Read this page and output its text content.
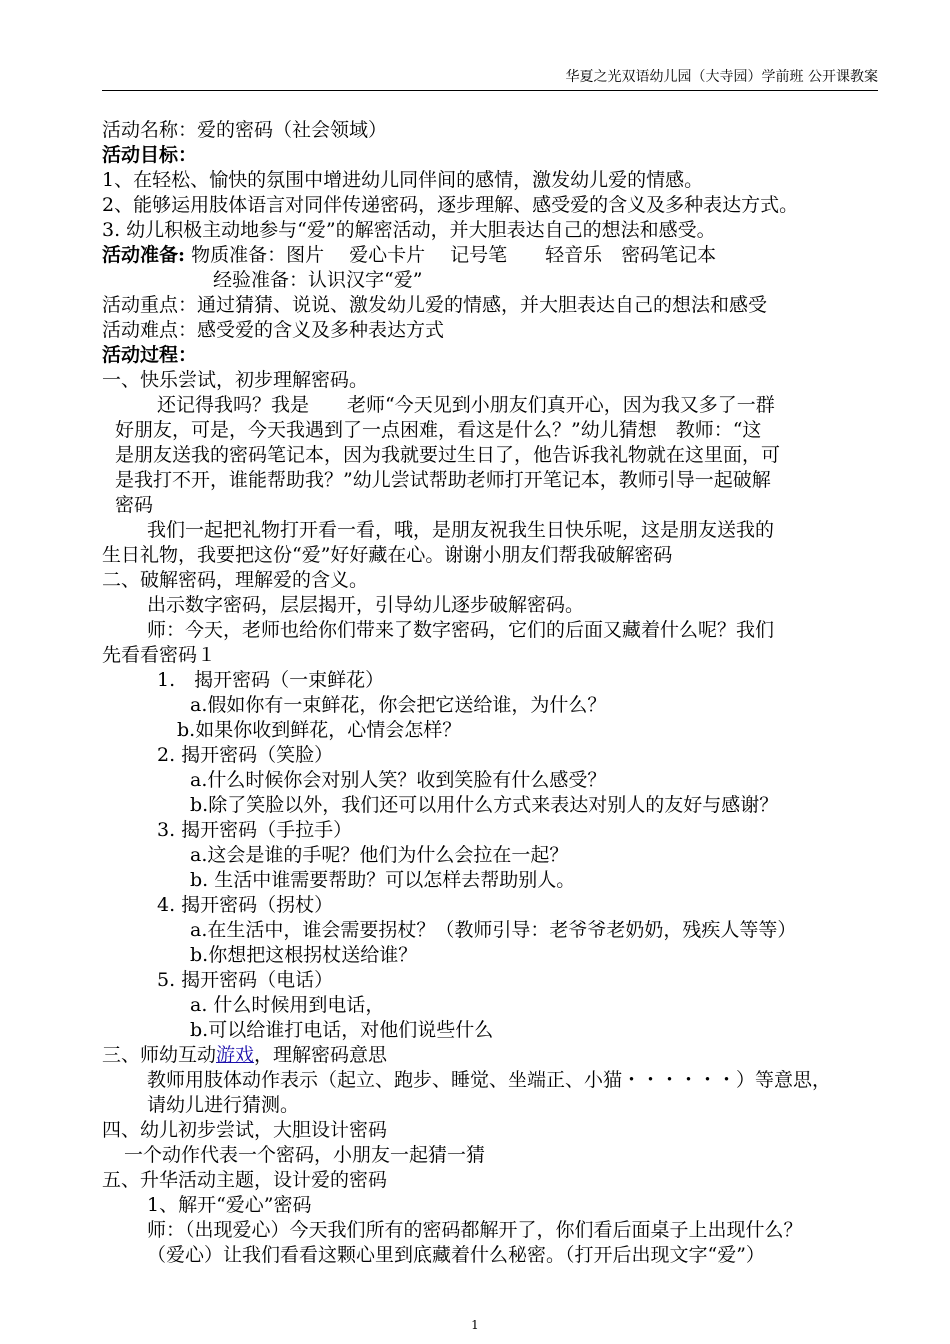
华夏之光双语幼儿园（大寺园）学前班 公开课教案
活动名称：爱的密码（社会领域）
活动目标：
1、在轻松、愉快的氛围中增进幼儿同伴间的感情，激发幼儿爱的情感。
2、能够运用肢体语言对同伴传递密码，逐步理解、感受爱的含义及多种表达方式。
3. 幼儿积极主动地参与“爱”的解密活动，并大胆表达自己的想法和感受。
活动准备: 物质准备：图片　 爱心卡片　 记号笔　　轻音乐　密码笔记本
经验准备：认识汉字“爱”
活动重点：通过猜猜、说说、激发幼儿爱的情感，并大胆表达自己的想法和感受
活动难点：感受爱的含义及多种表达方式
活动过程：
一、快乐尝试，初步理解密码。
还记得我吗？我是　　老师“今天见到小朋友们真开心，因为我又多了一群
好朋友，可是，今天我遇到了一点困难，看这是什么？”幼儿猜想　教师：“这
是朋友送我的密码笔记本，因为我就要过生日了，他告诉我礼物就在这里面，可
是我打不开，谁能帮助我？”幼儿尝试帮助老师打开笔记本，教师引导一起破解
密码
我们一起把礼物打开看一看，哦，是朋友祝我生日快乐呢，这是朋友送我的
生日礼物，我要把这份“爱”好好藏在心。谢谢小朋友们帮我破解密码
二、破解密码，理解爱的含义。
出示数字密码，层层揭开，引导幼儿逐步破解密码。
师：今天，老师也给你们带来了数字密码，它们的后面又藏着什么呢？我们
先看看密码１
1.　揭开密码（一束鲜花）
a.假如你有一束鲜花，你会把它送给谁，为什么？
b.如果你收到鲜花，心情会怎样？
2. 揭开密码（笑脸）
a.什么时候你会对别人笑？收到笑脸有什么感受？
b.除了笑脸以外，我们还可以用什么方式来表达对别人的友好与感谢？
3. 揭开密码（手拉手）
a.这会是谁的手呢？他们为什么会拉在一起？
b. 生活中谁需要帮助？可以怎样去帮助别人。
4. 揭开密码（拐杖）
a.在生活中，谁会需要拐杖？（教师引导：老爷爷老奶奶，残疾人等等）
b.你想把这根拐杖送给谁？
5. 揭开密码（电话）
a. 什么时候用到电话，
b.可以给谁打电话，对他们说些什么
三、师幼互动游戏，理解密码意思
教师用肢体动作表示（起立、跑步、睡觉、坐端正、小猫・・・・・・）等意思，
请幼儿进行猜测。
四、幼儿初步尝试，大胆设计密码
一个动作代表一个密码，小朋友一起猜一猜
五、升华活动主题，设计爱的密码
1、解开“爱心”密码
师：（出现爱心）今天我们所有的密码都解开了，你们看后面桌子上出现什么？
（爱心）让我们看看这颗心里到底藏着什么秘密。（打开后出现文字“爱”）
1
